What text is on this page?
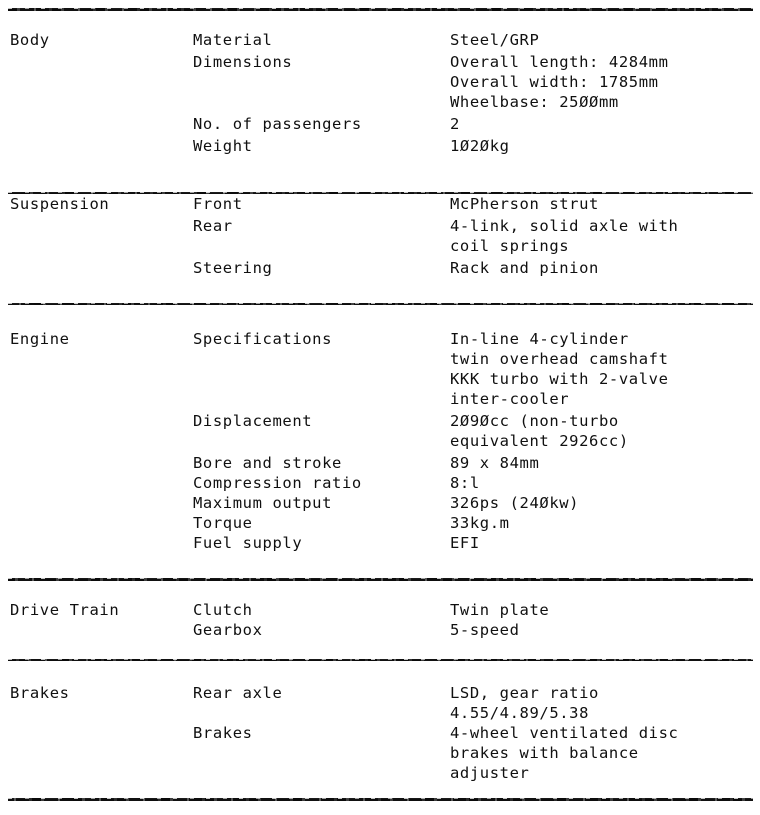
Body	Material	Steel/GRP
Dimensions	Overall length: 4284mm
Overall width: 1785mm
Wheelbase: 25ØØmm
No. of passengers	2
Weight	1Ø2Økg
Suspension	Front	McPherson strut
Rear	4-link, solid axle with
coil springs
Steering	Rack and pinion
Engine	Specifications	In-line 4-cylinder
twin overhead camshaft
KKK turbo with 2-valve
inter-cooler
Displacement	2Ø9Øcc (non-turbo
equivalent 2926cc)
Bore and stroke	89 x 84mm
Compression ratio	8:l
Maximum output	326ps (24Økw)
Torque	33kg.m
Fuel supply	EFI
Drive Train	Clutch	Twin plate
Gearbox	5-speed
Brakes	Rear axle	LSD, gear ratio
4.55/4.89/5.38
Brakes	4-wheel ventilated disc
brakes with balance
adjuster
